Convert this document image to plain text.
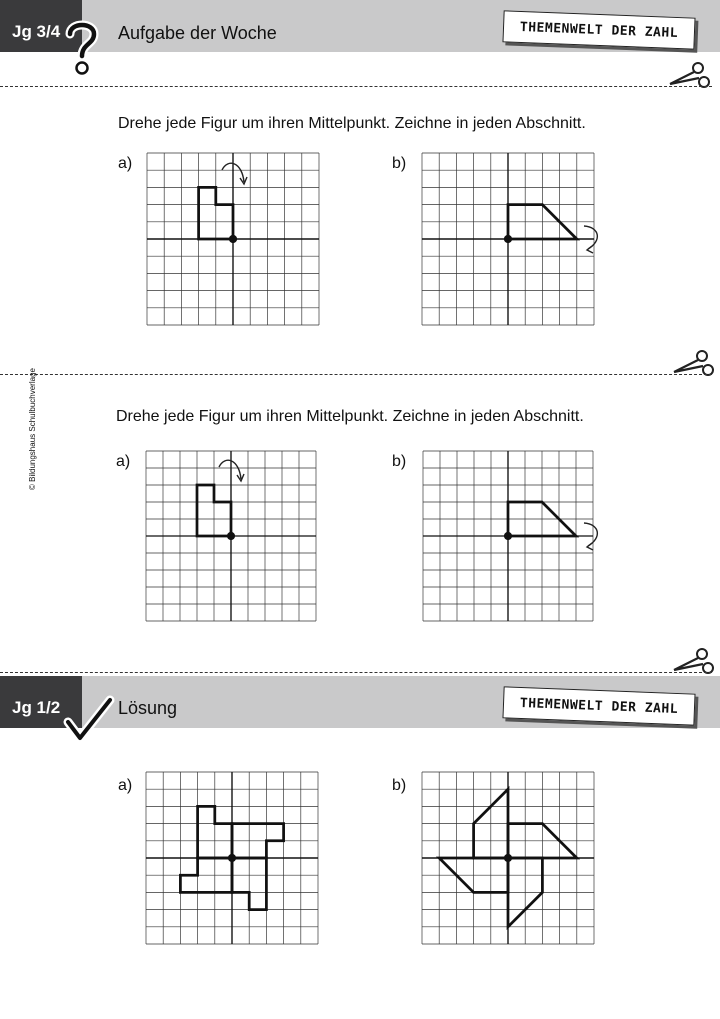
Jg 3/4	Aufgabe der Woche	THEMENWELT DER ZAHL
Drehe jede Figur um ihren Mittelpunkt. Zeichne in jeden Abschnitt.
a)	b)
© Bildungshaus Schulbuchverlage	Drehe jede Figur um ihren Mittelpunkt. Zeichne in jeden Abschnitt.
a)	b)
Jg 1/2	Lösung	THEMENWELT DER ZAHL
a)	b)
